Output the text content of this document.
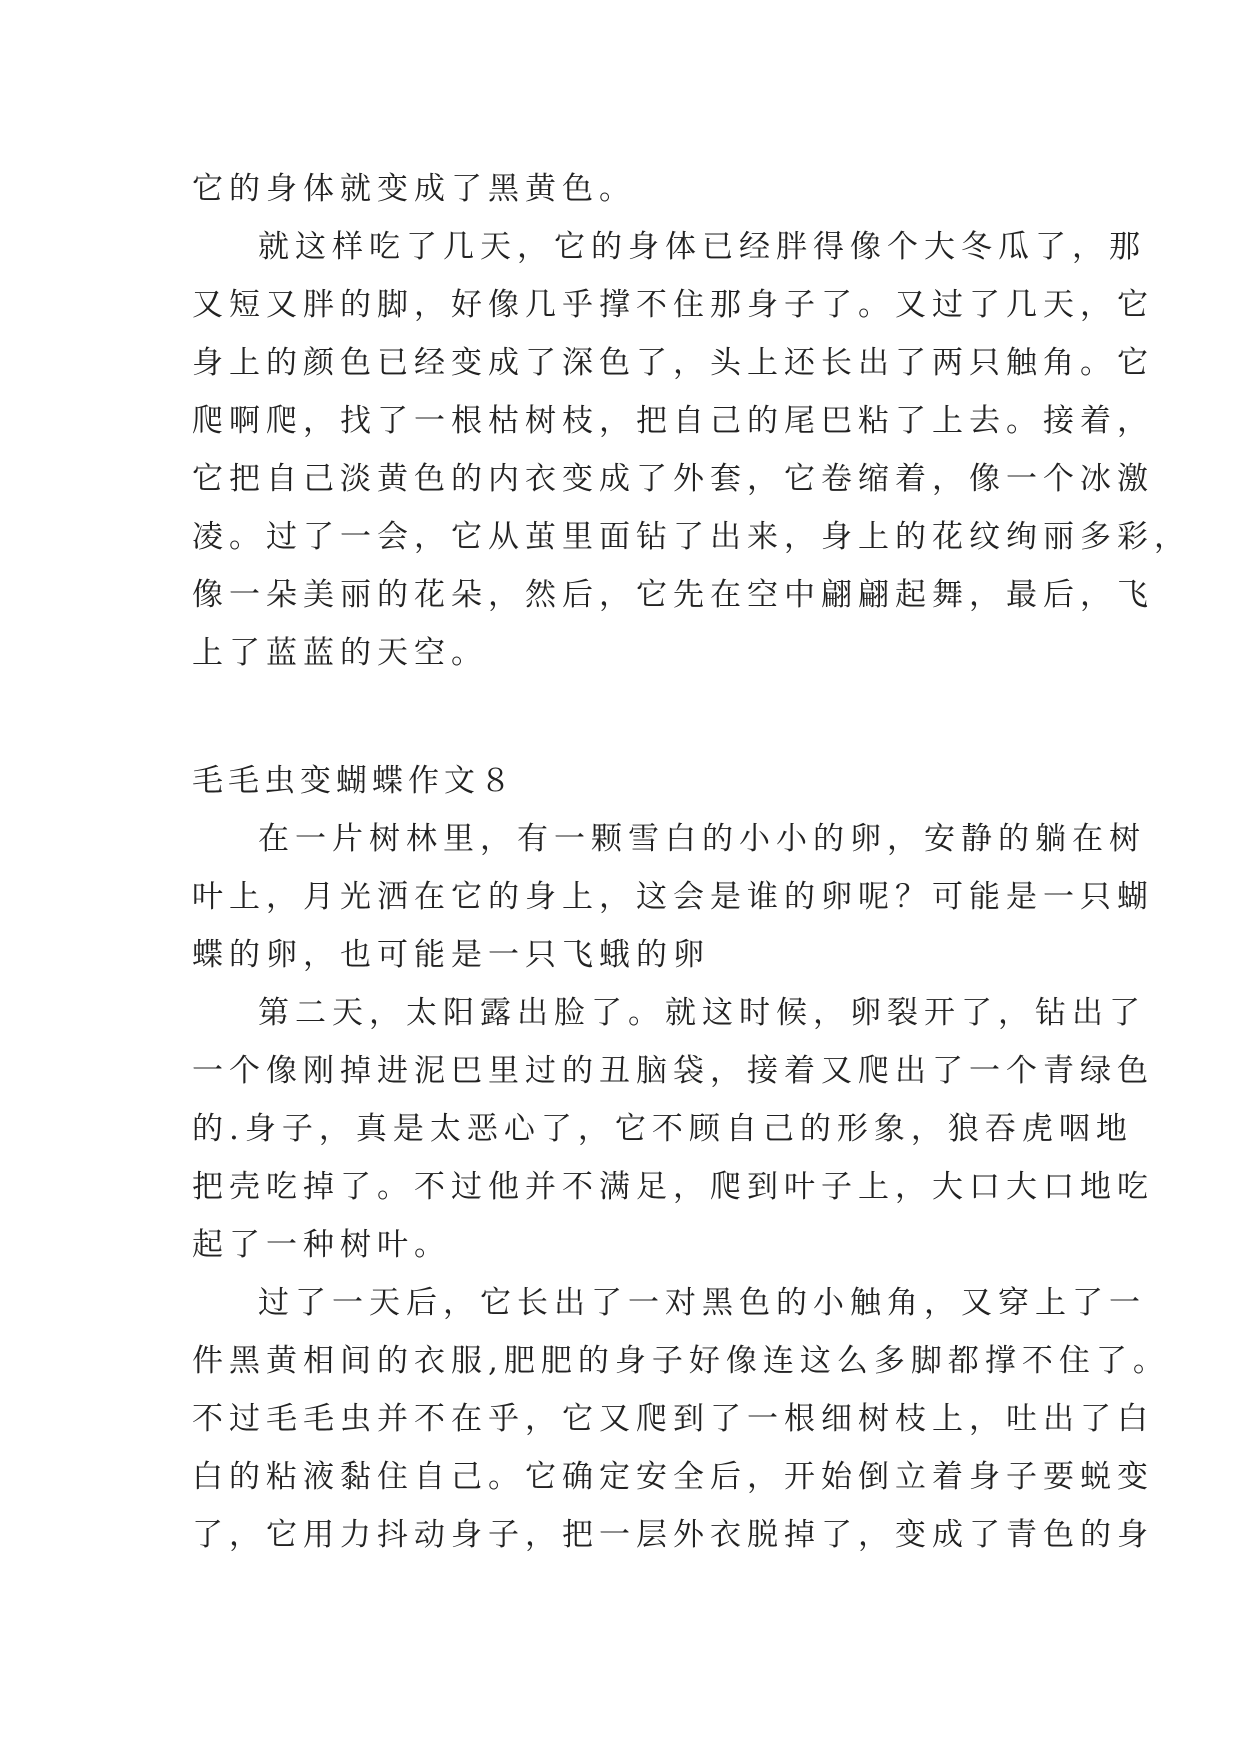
它的身体就变成了黑黄色。
就这样吃了几天，它的身体已经胖得像个大冬瓜了，那
又短又胖的脚，好像几乎撑不住那身子了。又过了几天，它
身上的颜色已经变成了深色了，头上还长出了两只触角。它
爬啊爬，找了一根枯树枝，把自己的尾巴粘了上去。接着，
它把自己淡黄色的内衣变成了外套，它卷缩着，像一个冰激
凌。过了一会，它从茧里面钻了出来，身上的花纹绚丽多彩，
像一朵美丽的花朵，然后，它先在空中翩翩起舞，最后，飞
上了蓝蓝的天空。
毛毛虫变蝴蝶作文８
在一片树林里，有一颗雪白的小小的卵，安静的躺在树
叶上，月光洒在它的身上，这会是谁的卵呢？可能是一只蝴
蝶的卵，也可能是一只飞蛾的卵
第二天，太阳露出脸了。就这时候，卵裂开了，钻出了
一个像刚掉进泥巴里过的丑脑袋，接着又爬出了一个青绿色
的.身子，真是太恶心了，它不顾自己的形象，狼吞虎咽地
把壳吃掉了。不过他并不满足，爬到叶子上，大口大口地吃
起了一种树叶。
过了一天后，它长出了一对黑色的小触角，又穿上了一
件黑黄相间的衣服,肥肥的身子好像连这么多脚都撑不住了。
不过毛毛虫并不在乎，它又爬到了一根细树枝上，吐出了白
白的粘液黏住自己。它确定安全后，开始倒立着身子要蜕变
了，它用力抖动身子，把一层外衣脱掉了，变成了青色的身
